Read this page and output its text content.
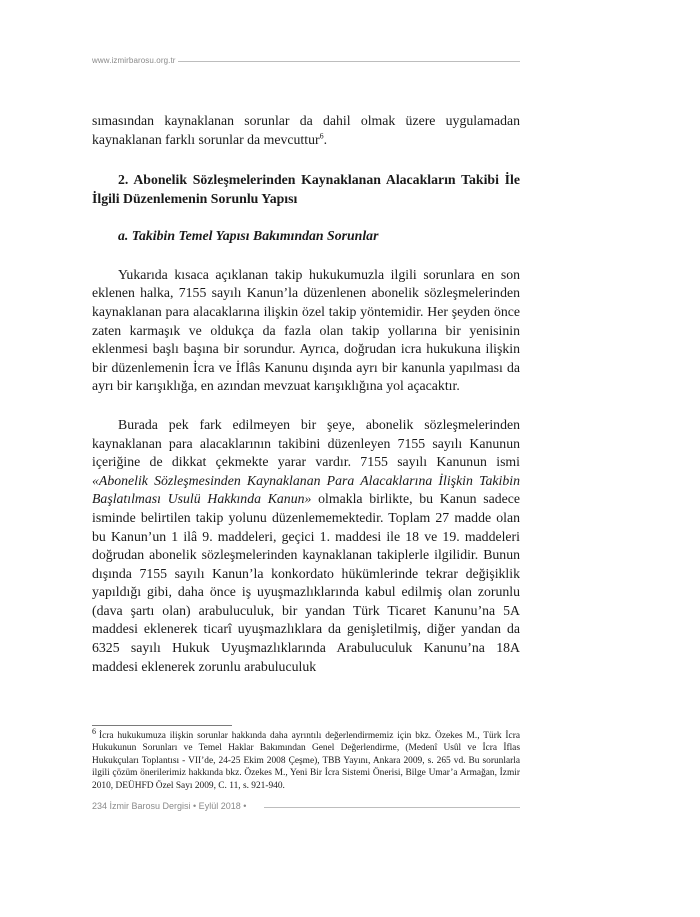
www.izmirbarosu.org.tr

sımasından kaynaklanan sorunlar da dahil olmak üzere uygulamadan kaynaklanan farklı sorunlar da mevcuttur$^6$.

2. Abonelik Sözleşmelerinden Kaynaklanan Alacakların Takibi İle İlgili Düzenlemenin Sorunlu Yapısı

a. Takibin Temel Yapısı Bakımından Sorunlar

Yukarıda kısaca açıklanan takip hukukumuzla ilgili sorunlara en son eklenen halka, 7155 sayılı Kanun’la düzenlenen abonelik sözleşmelerinden kaynaklanan para alacaklarına ilişkin özel takip yöntemidir. Her şeyden önce zaten karmaşık ve oldukça da fazla olan takip yollarına bir yenisinin eklenmesi başlı başına bir sorundur. Ayrıca, doğrudan icra hukukuna ilişkin bir düzenlemenin İcra ve İflâs Kanunu dışında ayrı bir kanunla yapılması da ayrı bir karışıklığa, en azından mevzuat karışıklığına yol açacaktır.

Burada pek fark edilmeyen bir şeye, abonelik sözleşmelerinden kaynaklanan para alacaklarının takibini düzenleyen 7155 sayılı Kanunun içeriğine de dikkat çekmekte yarar vardır. 7155 sayılı Kanunun ismi «Abonelik Sözleşmesinden Kaynaklanan Para Alacaklarına İlişkin Takibin Başlatılması Usulü Hakkında Kanun» olmakla birlikte, bu Kanun sadece isminde belirtilen takip yolunu düzenlememektedir. Toplam 27 madde olan bu Kanun’un 1 ilâ 9. maddeleri, geçici 1. maddesi ile 18 ve 19. maddeleri doğrudan abonelik sözleşmelerinden kaynaklanan takiplerle ilgilidir. Bunun dışında 7155 sayılı Kanun’la konkordato hükümlerinde tekrar değişiklik yapıldığı gibi, daha önce iş uyuşmazlıklarında kabul edilmiş olan zorunlu (dava şartı olan) arabuluculuk, bir yandan Türk Ticaret Kanunu’na 5A maddesi eklenerek ticarî uyuşmazlıklara da genişletilmiş, diğer yandan da 6325 sayılı Hukuk Uyuşmazlıklarında Arabuluculuk Kanunu’na 18A maddesi eklenerek zorunlu arabuluculuk

6 İcra hukukumuza ilişkin sorunlar hakkında daha ayrıntılı değerlendirmemiz için bkz. Özekes M., Türk İcra Hukukunun Sorunları ve Temel Haklar Bakımından Genel Değerlendirme, (Medenî Usûl ve İcra İflas Hukukçuları Toplantısı - VII’de, 24-25 Ekim 2008 Çeşme), TBB Yayını, Ankara 2009, s. 265 vd. Bu sorunlarla ilgili çözüm önerilerimiz hakkında bkz. Özekes M., Yeni Bir İcra Sistemi Önerisi, Bilge Umar’a Armağan, İzmir 2010, DEÜHFD Özel Sayı 2009, C. 11, s. 921-940.
234 İzmir Barosu Dergisi • Eylül 2018 •
